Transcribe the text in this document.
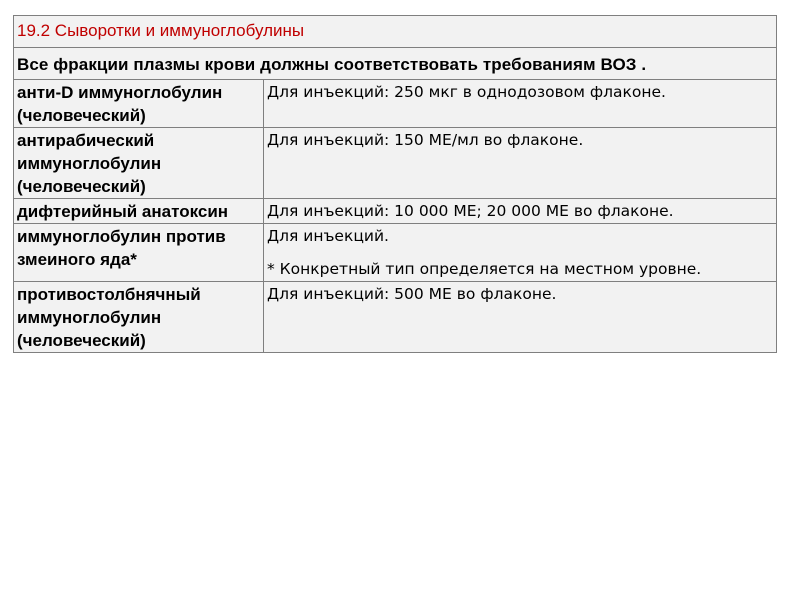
19.2 Сыворотки и иммуноглобулины	

Все фракции плазмы крови должны соответствовать требованиям ВОЗ .	

анти-D иммуноглобулин (человеческий)	Для инъекций: 250 мкг в однодозовом флаконе.

антирабический иммуноглобулин (человеческий)	Для инъекций: 150 МЕ/мл во флаконе.

дифтерийный анатоксин	Для инъекций: 10 000 МЕ; 20 000 МЕ во флаконе.

иммуноглобулин против змеиного яда*	Для инъекций.
* Конкретный тип определяется на местном уровне.

противостолбнячный иммуноглобулин (человеческий)	Для инъекций: 500 МЕ во флаконе.
